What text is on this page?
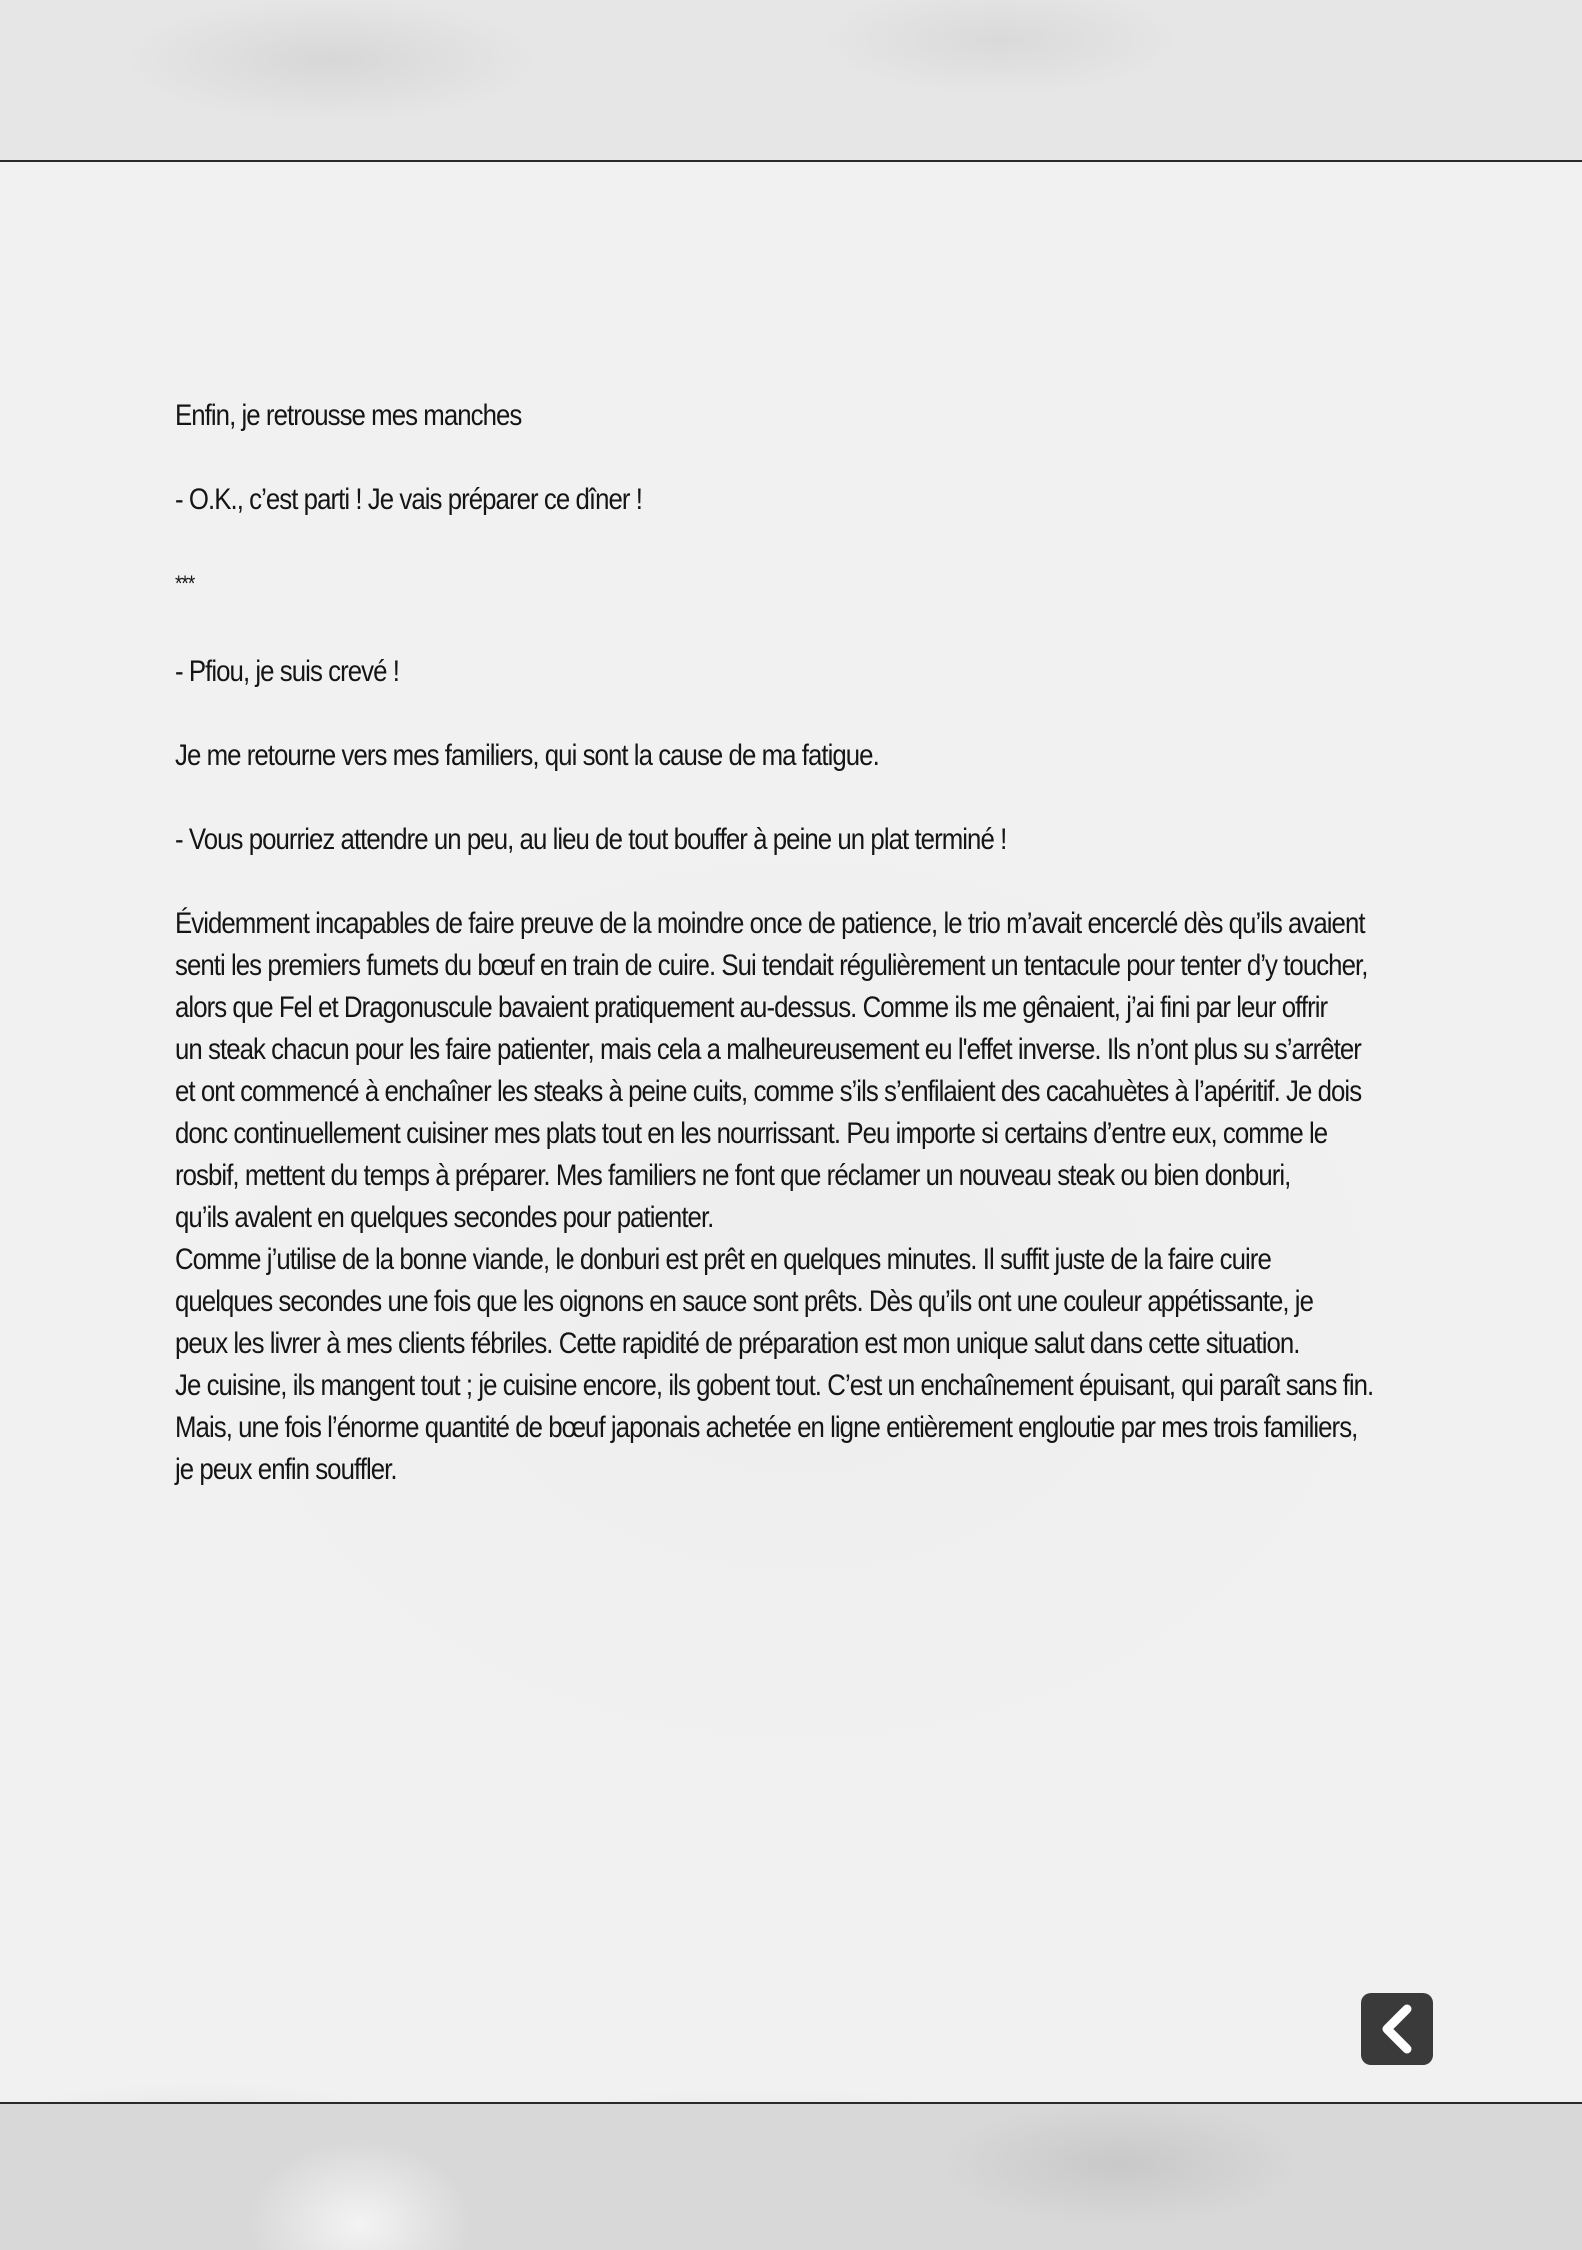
Enfin, je retrousse mes manches

- O.K., c’est parti ! Je vais préparer ce dîner !

***

- Pfiou, je suis crevé !

Je me retourne vers mes familiers, qui sont la cause de ma fatigue.

- Vous pourriez attendre un peu, au lieu de tout bouffer à peine un plat terminé !

Évidemment incapables de faire preuve de la moindre once de patience, le trio m’avait encerclé dès qu’ils avaient
senti les premiers fumets du bœuf en train de cuire. Sui tendait régulièrement un tentacule pour tenter d’y toucher,
alors que Fel et Dragonuscule bavaient pratiquement au-dessus. Comme ils me gênaient, j’ai fini par leur offrir
un steak chacun pour les faire patienter, mais cela a malheureusement eu l'effet inverse. Ils n’ont plus su s’arrêter
et ont commencé à enchaîner les steaks à peine cuits, comme s’ils s’enfilaient des cacahuètes à l’apéritif. Je dois
donc continuellement cuisiner mes plats tout en les nourrissant. Peu importe si certains d’entre eux, comme le
rosbif, mettent du temps à préparer. Mes familiers ne font que réclamer un nouveau steak ou bien donburi,
qu’ils avalent en quelques secondes pour patienter.
Comme j’utilise de la bonne viande, le donburi est prêt en quelques minutes. Il suffit juste de la faire cuire
quelques secondes une fois que les oignons en sauce sont prêts. Dès qu’ils ont une couleur appétissante, je
peux les livrer à mes clients fébriles. Cette rapidité de préparation est mon unique salut dans cette situation.
Je cuisine, ils mangent tout ; je cuisine encore, ils gobent tout. C’est un enchaînement épuisant, qui paraît sans fin.
Mais, une fois l’énorme quantité de bœuf japonais achetée en ligne entièrement engloutie par mes trois familiers,
je peux enfin souffler.
